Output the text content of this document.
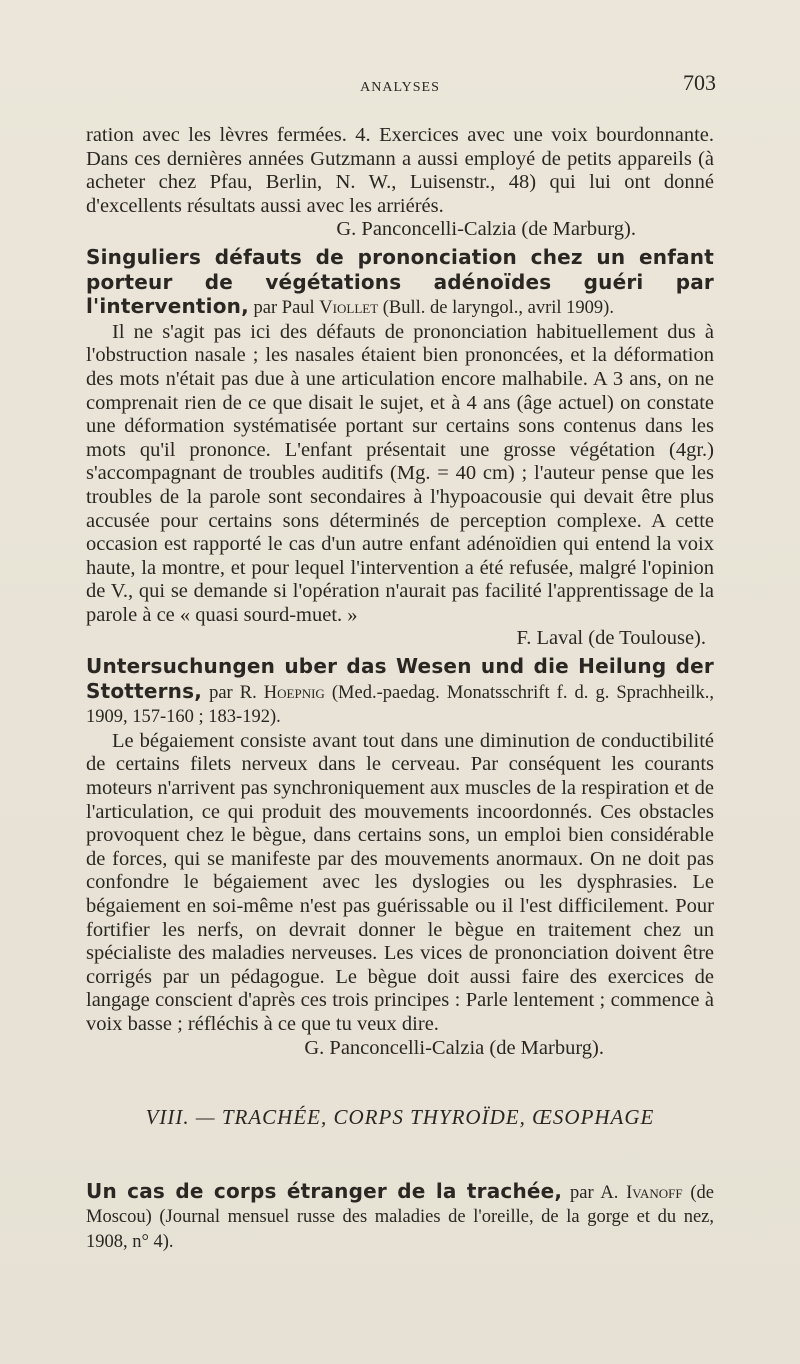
ANALYSES	703

ration avec les lèvres fermées. 4. Exercices avec une voix bourdonnante. Dans ces dernières années Gutzmann a aussi employé de petits appareils (à acheter chez Pfau, Berlin, N. W., Luisenstr., 48) qui lui ont donné d'excellents résultats aussi avec les arriérés.

G. Panconcelli-Calzia (de Marburg).

Singuliers défauts de prononciation chez un enfant porteur de végétations adénoïdes guéri par l'intervention, par Paul Viollet (Bull. de laryngol., avril 1909).

Il ne s'agit pas ici des défauts de prononciation habituellement dus à l'obstruction nasale ; les nasales étaient bien prononcées, et la déformation des mots n'était pas due à une articulation encore malhabile. A 3 ans, on ne comprenait rien de ce que disait le sujet, et à 4 ans (âge actuel) on constate une déformation systématisée portant sur certains sons contenus dans les mots qu'il prononce. L'enfant présentait une grosse végétation (4gr.) s'accompagnant de troubles auditifs (Mg. = 40 cm) ; l'auteur pense que les troubles de la parole sont secondaires à l'hypoacousie qui devait être plus accusée pour certains sons déterminés de perception complexe. A cette occasion est rapporté le cas d'un autre enfant adénoïdien qui entend la voix haute, la montre, et pour lequel l'intervention a été refusée, malgré l'opinion de V., qui se demande si l'opération n'aurait pas facilité l'apprentissage de la parole à ce « quasi sourd-muet. »

F. Laval (de Toulouse).

Untersuchungen uber das Wesen und die Heilung der Stotterns, par R. Hoepnig (Med.-paedag. Monatsschrift f. d. g. Sprachheilk., 1909, 157-160 ; 183-192).

Le bégaiement consiste avant tout dans une diminution de conductibilité de certains filets nerveux dans le cerveau. Par conséquent les courants moteurs n'arrivent pas synchroniquement aux muscles de la respiration et de l'articulation, ce qui produit des mouvements incoordonnés. Ces obstacles provoquent chez le bègue, dans certains sons, un emploi bien considérable de forces, qui se manifeste par des mouvements anormaux. On ne doit pas confondre le bégaiement avec les dyslogies ou les dysphrasies. Le bégaiement en soi-même n'est pas guérissable ou il l'est difficilement. Pour fortifier les nerfs, on devrait donner le bègue en traitement chez un spécialiste des maladies nerveuses. Les vices de prononciation doivent être corrigés par un pédagogue. Le bègue doit aussi faire des exercices de langage conscient d'après ces trois principes : Parle lentement ; commence à voix basse ; réfléchis à ce que tu veux dire.

G. Panconcelli-Calzia (de Marburg).

VIII. — TRACHÉE, CORPS THYROÏDE, ŒSOPHAGE

Un cas de corps étranger de la trachée, par A. Ivanoff (de Moscou) (Journal mensuel russe des maladies de l'oreille, de la gorge et du nez, 1908, n° 4).
